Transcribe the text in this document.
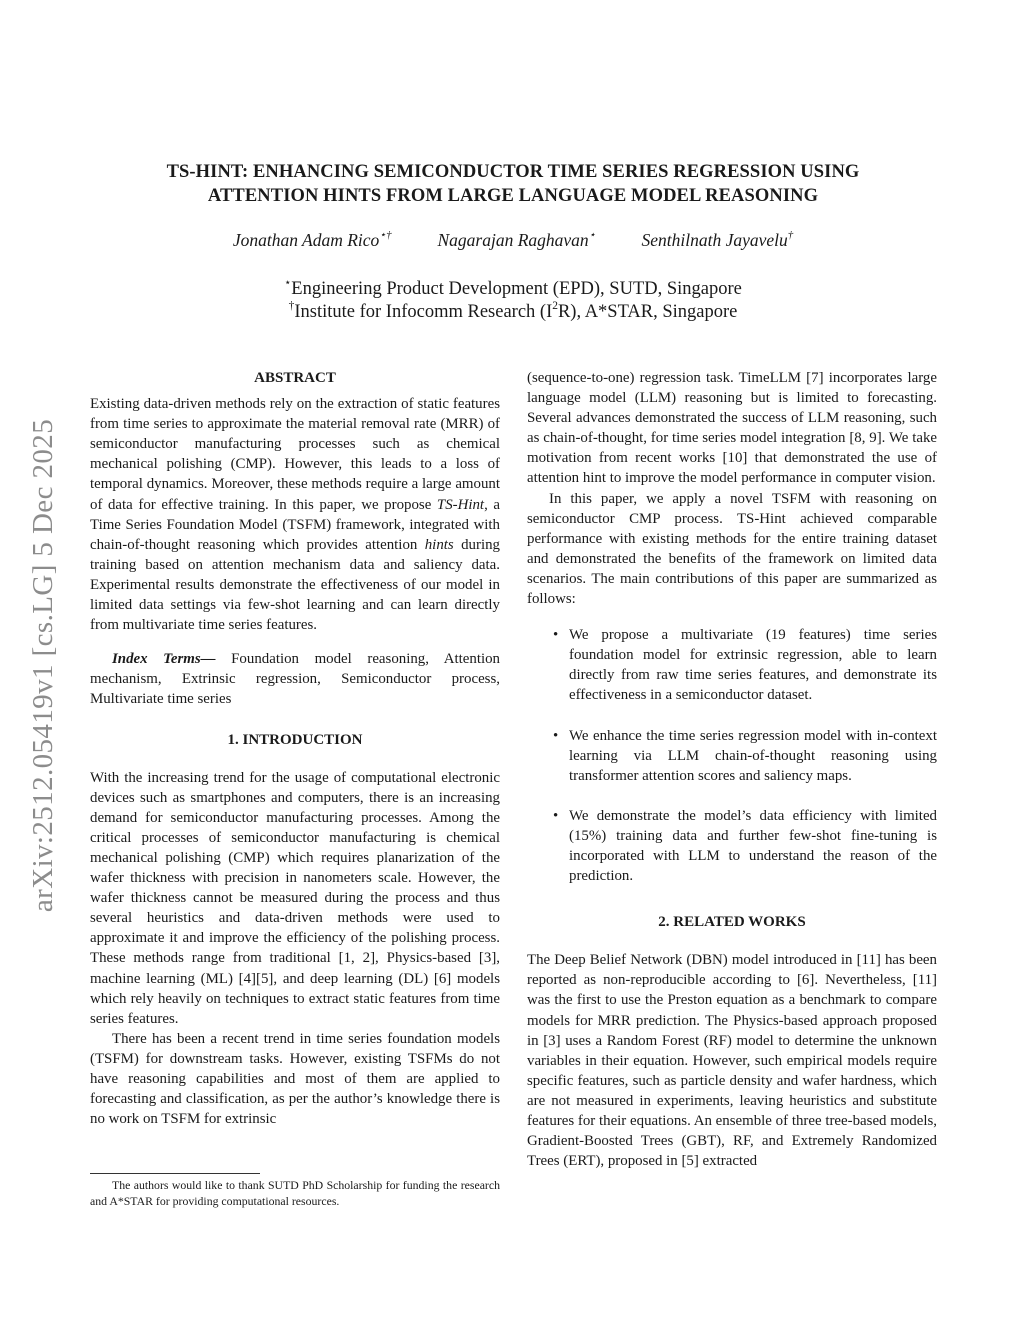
arXiv:2512.05419v1 [cs.LG] 5 Dec 2025
TS-HINT: ENHANCING SEMICONDUCTOR TIME SERIES REGRESSION USING
ATTENTION HINTS FROM LARGE LANGUAGE MODEL REASONING
Jonathan Adam Rico⋆†	Nagarajan Raghavan⋆	Senthilnath Jayavelu†
⋆Engineering Product Development (EPD), SUTD, Singapore
†Institute for Infocomm Research $(I^2R)$, A*STAR, Singapore
ABSTRACT

Existing data-driven methods rely on the extraction of static features from time series to approximate the material removal rate (MRR) of semiconductor manufacturing processes such as chemical mechanical polishing (CMP). However, this leads to a loss of temporal dynamics. Moreover, these methods require a large amount of data for effective training. In this paper, we propose TS-Hint, a Time Series Foundation Model (TSFM) framework, integrated with chain-of-thought reasoning which provides attention hints during training based on attention mechanism data and saliency data. Experimental results demonstrate the effectiveness of our model in limited data settings via few-shot learning and can learn directly from multivariate time series features.

Index Terms— Foundation model reasoning, Attention mechanism, Extrinsic regression, Semiconductor process, Multivariate time series

1. INTRODUCTION

With the increasing trend for the usage of computational electronic devices such as smartphones and computers, there is an increasing demand for semiconductor manufacturing processes. Among the critical processes of semiconductor manufacturing is chemical mechanical polishing (CMP) which requires planarization of the wafer thickness with precision in nanometers scale. However, the wafer thickness cannot be measured during the process and thus several heuristics and data-driven methods were used to approximate it and improve the efficiency of the polishing process. These methods range from traditional [1, 2], Physics-based [3], machine learning (ML) [4][5], and deep learning (DL) [6] models which rely heavily on techniques to extract static features from time series features.

There has been a recent trend in time series foundation models (TSFM) for downstream tasks. However, existing TSFMs do not have reasoning capabilities and most of them are applied to forecasting and classification, as per the author’s knowledge there is no work on TSFM for extrinsic

The authors would like to thank SUTD PhD Scholarship for funding the research and A*STAR for providing computational resources.

(sequence-to-one) regression task. TimeLLM [7] incorporates large language model (LLM) reasoning but is limited to forecasting. Several advances demonstrated the success of LLM reasoning, such as chain-of-thought, for time series model integration [8, 9]. We take motivation from recent works [10] that demonstrated the use of attention hint to improve the model performance in computer vision.

In this paper, we apply a novel TSFM with reasoning on semiconductor CMP process. TS-Hint achieved comparable performance with existing methods for the entire training dataset and demonstrated the benefits of the framework on limited data scenarios. The main contributions of this paper are summarized as follows:

• We propose a multivariate (19 features) time series foundation model for extrinsic regression, able to learn directly from raw time series features, and demonstrate its effectiveness in a semiconductor dataset.
• We enhance the time series regression model with in-context learning via LLM chain-of-thought reasoning using transformer attention scores and saliency maps.
• We demonstrate the model’s data efficiency with limited (15%) training data and further few-shot fine-tuning is incorporated with LLM to understand the reason of the prediction.
2. RELATED WORKS

The Deep Belief Network (DBN) model introduced in [11] has been reported as non-reproducible according to [6]. Nevertheless, [11] was the first to use the Preston equation as a benchmark to compare models for MRR prediction. The Physics-based approach proposed in [3] uses a Random Forest (RF) model to determine the unknown variables in their equation. However, such empirical models require specific features, such as particle density and wafer hardness, which are not measured in experiments, leaving heuristics and substitute features for their equations. An ensemble of three tree-based models, Gradient-Boosted Trees (GBT), RF, and Extremely Randomized Trees (ERT), proposed in [5] extracted
